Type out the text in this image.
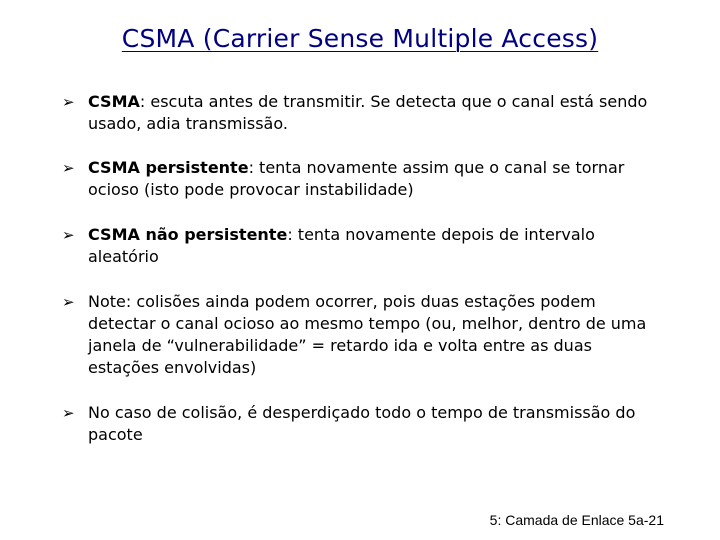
CSMA (Carrier Sense Multiple Access)
➢ CSMA: escuta antes de transmitir. Se detecta que o canal está sendo usado, adia transmissão.
➢ CSMA persistente: tenta novamente assim que o canal se tornar ocioso (isto pode provocar instabilidade)
➢ CSMA não persistente: tenta novamente depois de intervalo aleatório
➢ Note: colisões ainda podem ocorrer, pois duas estações podem detectar o canal ocioso ao mesmo tempo (ou, melhor, dentro de uma janela de “vulnerabilidade” = retardo ida e volta entre as duas estações envolvidas)
➢ No caso de colisão, é desperdiçado todo o tempo de transmissão do pacote
5: Camada de Enlace 5a-21
